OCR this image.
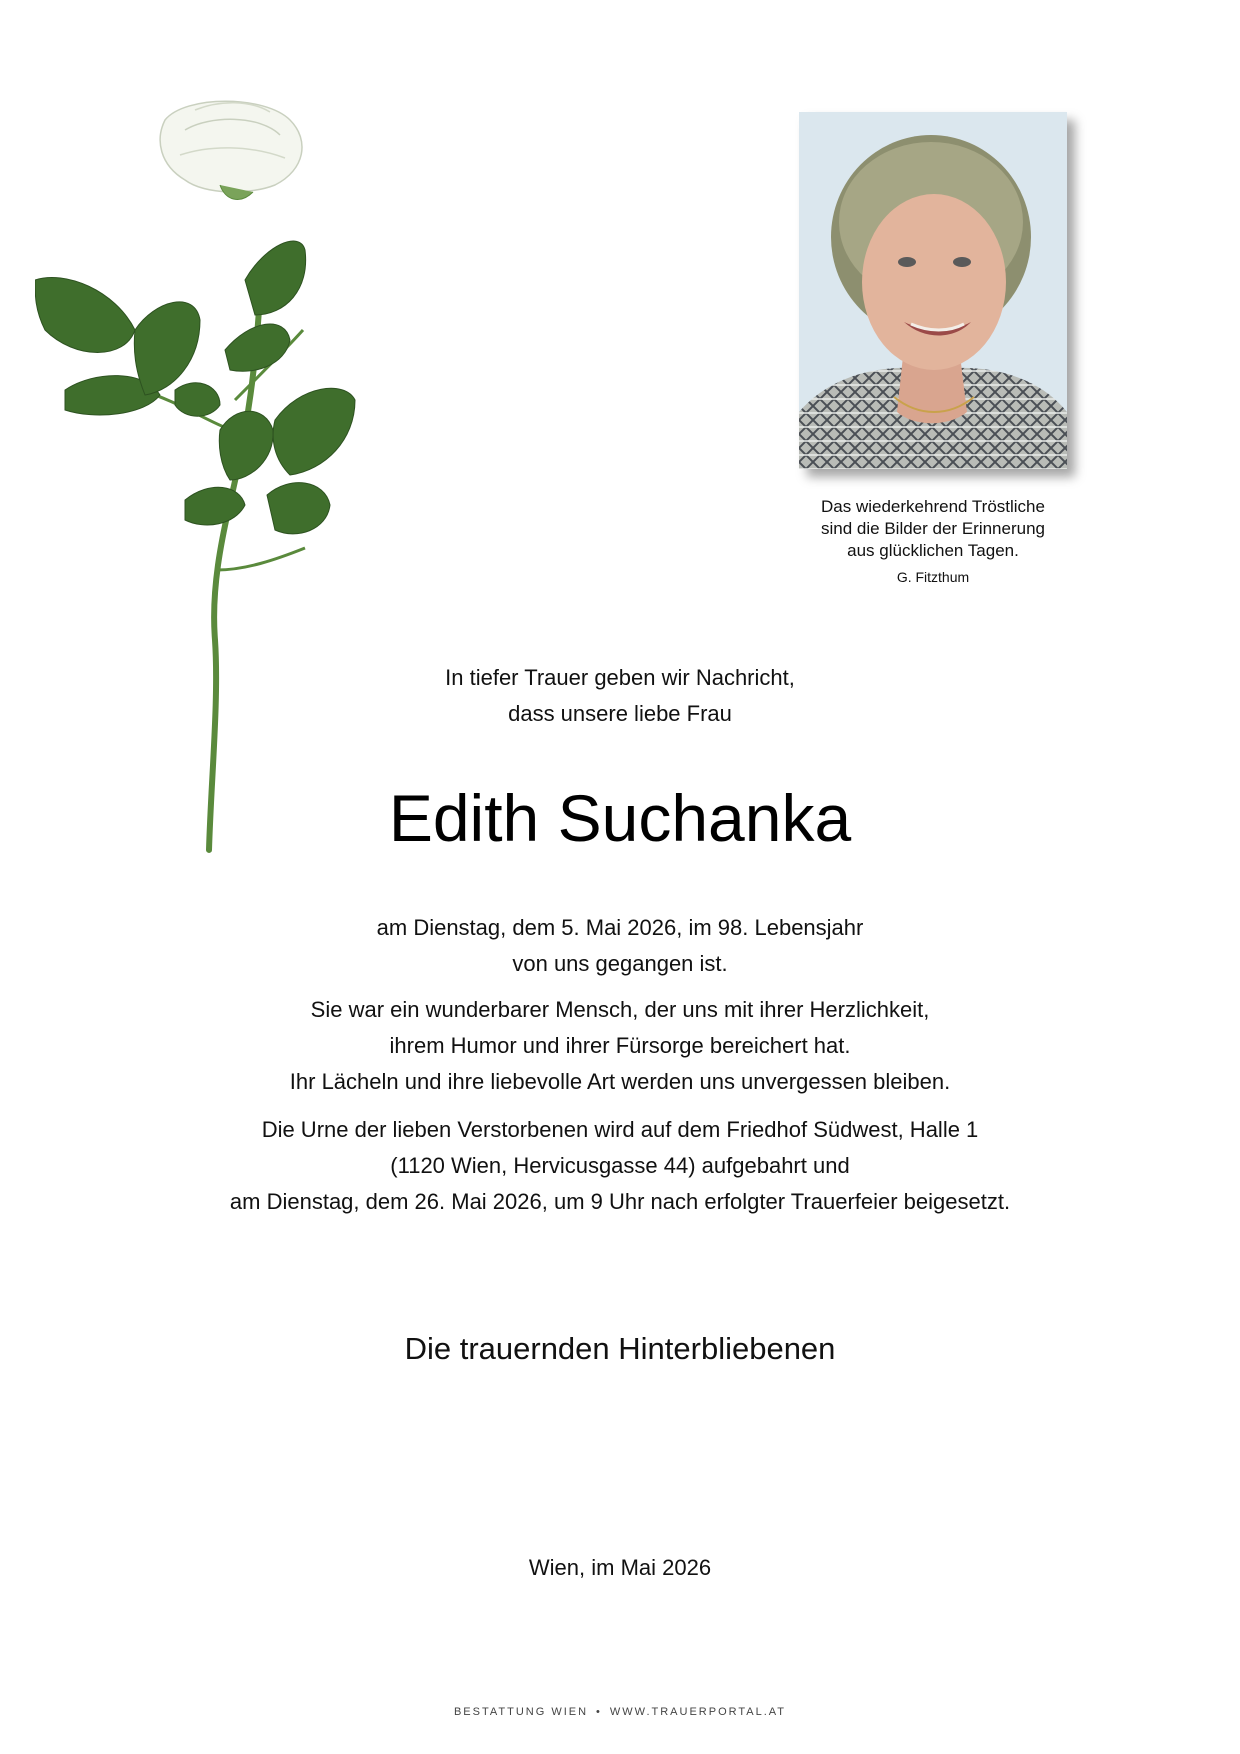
Das wiederkehrend Tröstliche
sind die Bilder der Erinnerung
aus glücklichen Tagen.
G. Fitzthum
In tiefer Trauer geben wir Nachricht,
dass unsere liebe Frau
Edith Suchanka
am Dienstag, dem 5. Mai 2026, im 98. Lebensjahr
von uns gegangen ist.
Sie war ein wunderbarer Mensch, der uns mit ihrer Herzlichkeit,
ihrem Humor und ihrer Fürsorge bereichert hat.
Ihr Lächeln und ihre liebevolle Art werden uns unvergessen bleiben.
Die Urne der lieben Verstorbenen wird auf dem Friedhof Südwest, Halle 1
(1120 Wien, Hervicusgasse 44) aufgebahrt und
am Dienstag, dem 26. Mai 2026, um 9 Uhr nach erfolgter Trauerfeier beigesetzt.
Die trauernden Hinterbliebenen
Wien, im Mai 2026
BESTATTUNG WIEN • WWW.TRAUERPORTAL.AT
